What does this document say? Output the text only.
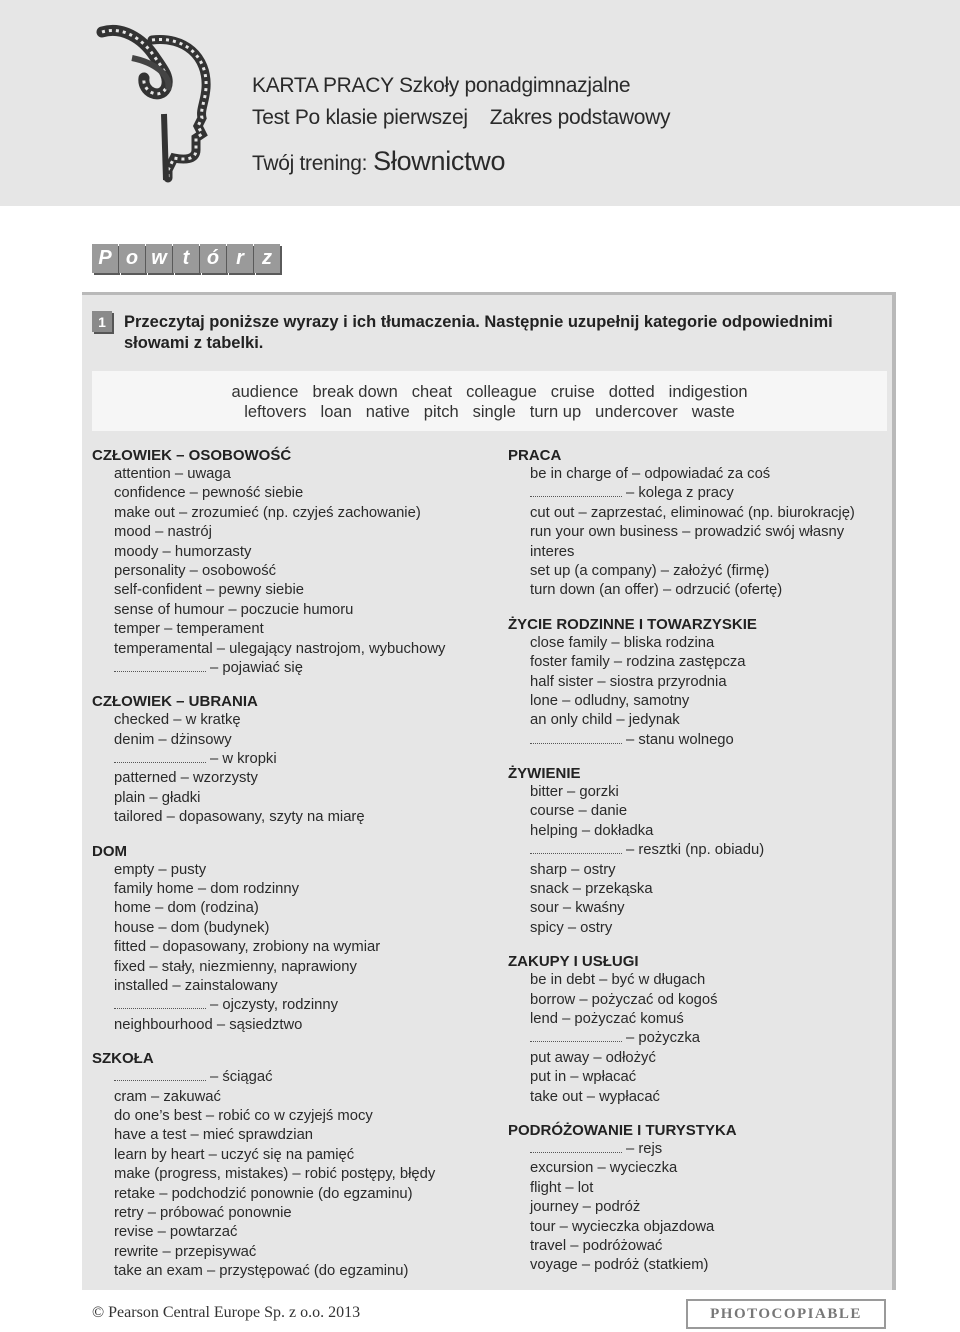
KARTA PRACY Szkoły ponadgimnazjalne
Test Po klasie pierwszej Zakres podstawowy
Twój trening: Słownictwo
P o w t ó r z
1	Przeczytaj poniższe wyrazy i ich tłumaczenia. Następnie uzupełnij kategorie odpowiednimi słowami z tabelki.
audience break down cheat colleague cruise dotted indigestion
leftovers loan native pitch single turn up undercover waste
CZŁOWIEK – OSOBOWOŚĆ
attention – uwaga
confidence – pewność siebie
make out – zrozumieć (np. czyjeś zachowanie)
mood – nastrój
moody – humorzasty
personality – osobowość
self-confident – pewny siebie
sense of humour – poczucie humoru
temper – temperament
temperamental – ulegający nastrojom, wybuchowy
– pojawiać się
CZŁOWIEK – UBRANIA
checked – w kratkę
denim – dżinsowy
– w kropki
patterned – wzorzysty
plain – gładki
tailored – dopasowany, szyty na miarę
DOM
empty – pusty
family home – dom rodzinny
home – dom (rodzina)
house – dom (budynek)
fitted – dopasowany, zrobiony na wymiar
fixed – stały, niezmienny, naprawiony
installed – zainstalowany
– ojczysty, rodzinny
neighbourhood – sąsiedztwo
SZKOŁA
– ściągać
cram – zakuwać
do one’s best – robić co w czyjejś mocy
have a test – mieć sprawdzian
learn by heart – uczyć się na pamięć
make (progress, mistakes) – robić postępy, błędy
retake – podchodzić ponownie (do egzaminu)
retry – próbować ponownie
revise – powtarzać
rewrite – przepisywać
take an exam – przystępować (do egzaminu)
PRACA
be in charge of – odpowiadać za coś
– kolega z pracy
cut out – zaprzestać, eliminować (np. biurokrację)
run your own business – prowadzić swój własny
interes
set up (a company) – założyć (firmę)
turn down (an offer) – odrzucić (ofertę)
ŻYCIE RODZINNE I TOWARZYSKIE
close family – bliska rodzina
foster family – rodzina zastępcza
half sister – siostra przyrodnia
lone – odludny, samotny
an only child – jedynak
– stanu wolnego
ŻYWIENIE
bitter – gorzki
course – danie
helping – dokładka
– resztki (np. obiadu)
sharp – ostry
snack – przekąska
sour – kwaśny
spicy – ostry
ZAKUPY I USŁUGI
be in debt – być w długach
borrow – pożyczać od kogoś
lend – pożyczać komuś
– pożyczka
put away – odłożyć
put in – wpłacać
take out – wypłacać
PODRÓŻOWANIE I TURYSTYKA
– rejs
excursion – wycieczka
flight – lot
journey – podróż
tour – wycieczka objazdowa
travel – podróżować
voyage – podróż (statkiem)
© Pearson Central Europe Sp. z o.o. 2013	PHOTOCOPIABLE
